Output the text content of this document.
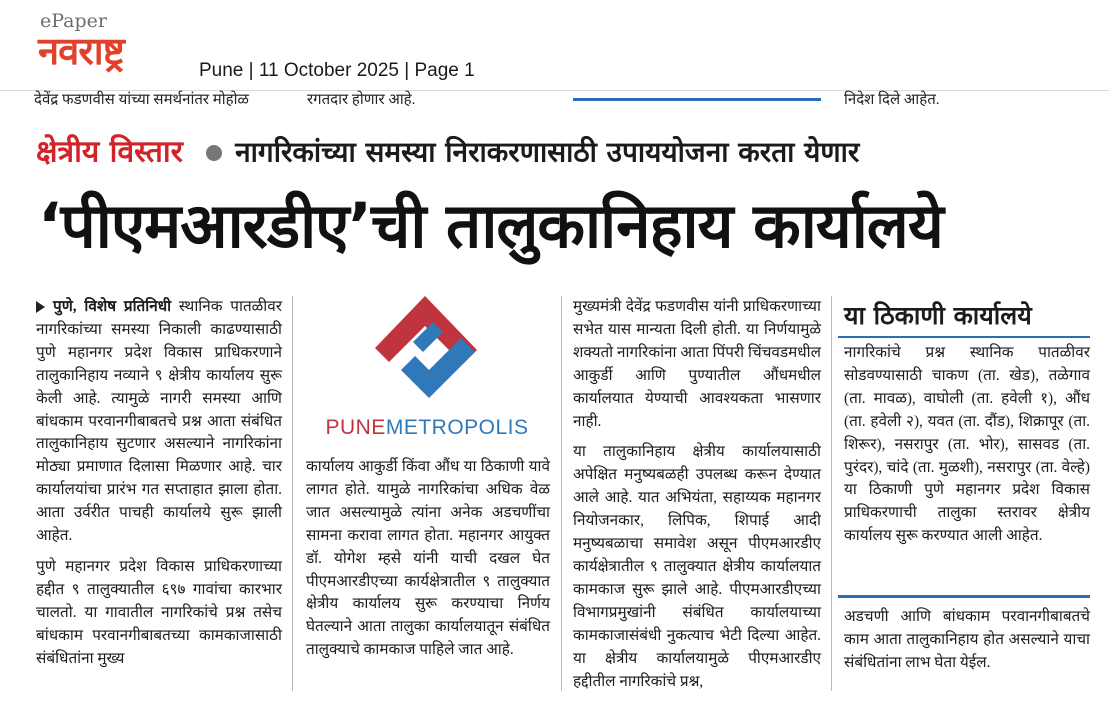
ePaper
नवराष्ट्र	Pune | 11 October 2025 | Page 1
देवेंद्र फडणवीस यांच्या समर्थनांतर मोहोळ	रगतदार होणार आहे.	निदेश दिले आहेत.
क्षेत्रीय विस्तार नागरिकांच्या समस्या निराकरणासाठी उपाययोजना करता येणार
‘पीएमआरडीए’ची तालुकानिहाय कार्यालये

पुणे, विशेष प्रतिनिधी स्थानिक पातळीवर नागरिकांच्या समस्या निकाली काढण्यासाठी पुणे महानगर प्रदेश विकास प्राधिकरणाने तालुकानिहाय नव्याने ९ क्षेत्रीय कार्यालय सुरू केली आहे. त्यामुळे नागरी समस्या आणि बांधकाम परवानगीबाबतचे प्रश्न आता संबंधित तालुकानिहाय सुटणार असल्याने नागरिकांना मोठ्या प्रमाणात दिलासा मिळणार आहे. चार कार्यालयांचा प्रारंभ गत सप्ताहात झाला होता. आता उर्वरीत पाचही कार्यालये सुरू झाली आहेत.

पुणे महानगर प्रदेश विकास प्राधिकरणाच्या हद्दीत ९ तालुक्यातील ६९७ गावांचा कारभार चालतो. या गावातील नागरिकांचे प्रश्न तसेच बांधकाम परवानगीबाबतच्या कामकाजासाठी संबंधितांना मुख्य

PUNEMETROPOLIS

कार्यालय आकुर्डी किंवा औंध या ठिकाणी यावे लागत होते. यामुळे नागरिकांचा अधिक वेळ जात असल्यामुळे त्यांना अनेक अडचणींचा सामना करावा लागत होता. महानगर आयुक्त डॉ. योगेश म्हसे यांनी याची दखल घेत पीएमआरडीएच्या कार्यक्षेत्रातील ९ तालुक्यात क्षेत्रीय कार्यालय सुरू करण्याचा निर्णय घेतल्याने आता तालुका कार्यालयातून संबंधित तालुक्याचे कामकाज पाहिले जात आहे.

मुख्यमंत्री देवेंद्र फडणवीस यांनी प्राधिकरणाच्या सभेत यास मान्यता दिली होती. या निर्णयामुळे शक्यतो नागरिकांना आता पिंपरी चिंचवडमधील आकुर्डी आणि पुण्यातील औंधमधील कार्यालयात येण्याची आवश्यकता भासणार नाही.

या तालुकानिहाय क्षेत्रीय कार्यालयासाठी अपेक्षित मनुष्यबळही उपलब्ध करून देण्यात आले आहे. यात अभियंता, सहाय्यक महानगर नियोजनकार, लिपिक, शिपाई आदी मनुष्यबळाचा समावेश असून पीएमआरडीए कार्यक्षेत्रातील ९ तालुक्यात क्षेत्रीय कार्यालयात कामकाज सुरू झाले आहे. पीएमआरडीएच्या विभागप्रमुखांनी संबंधित कार्यालयाच्या कामकाजासंबंधी नुकत्याच भेटी दिल्या आहेत. या क्षेत्रीय कार्यालयामुळे पीएमआरडीए हद्दीतील नागरिकांचे प्रश्न,

या ठिकाणी कार्यालये

नागरिकांचे प्रश्न स्थानिक पातळीवर सोडवण्यासाठी चाकण (ता. खेड), तळेगाव (ता. मावळ), वाघोली (ता. हवेली १), औंध (ता. हवेली २), यवत (ता. दौंड), शिक्रापूर (ता. शिरूर), नसरापुर (ता. भोर), सासवड (ता. पुरंदर), चांदे (ता. मुळशी), नसरापुर (ता. वेल्हे) या ठिकाणी पुणे महानगर प्रदेश विकास प्राधिकरणाची तालुका स्तरावर क्षेत्रीय कार्यालय सुरू करण्यात आली आहेत.

अडचणी आणि बांधकाम परवानगीबाबतचे काम आता तालुकानिहाय होत असल्याने याचा संबंधितांना लाभ घेता येईल.
